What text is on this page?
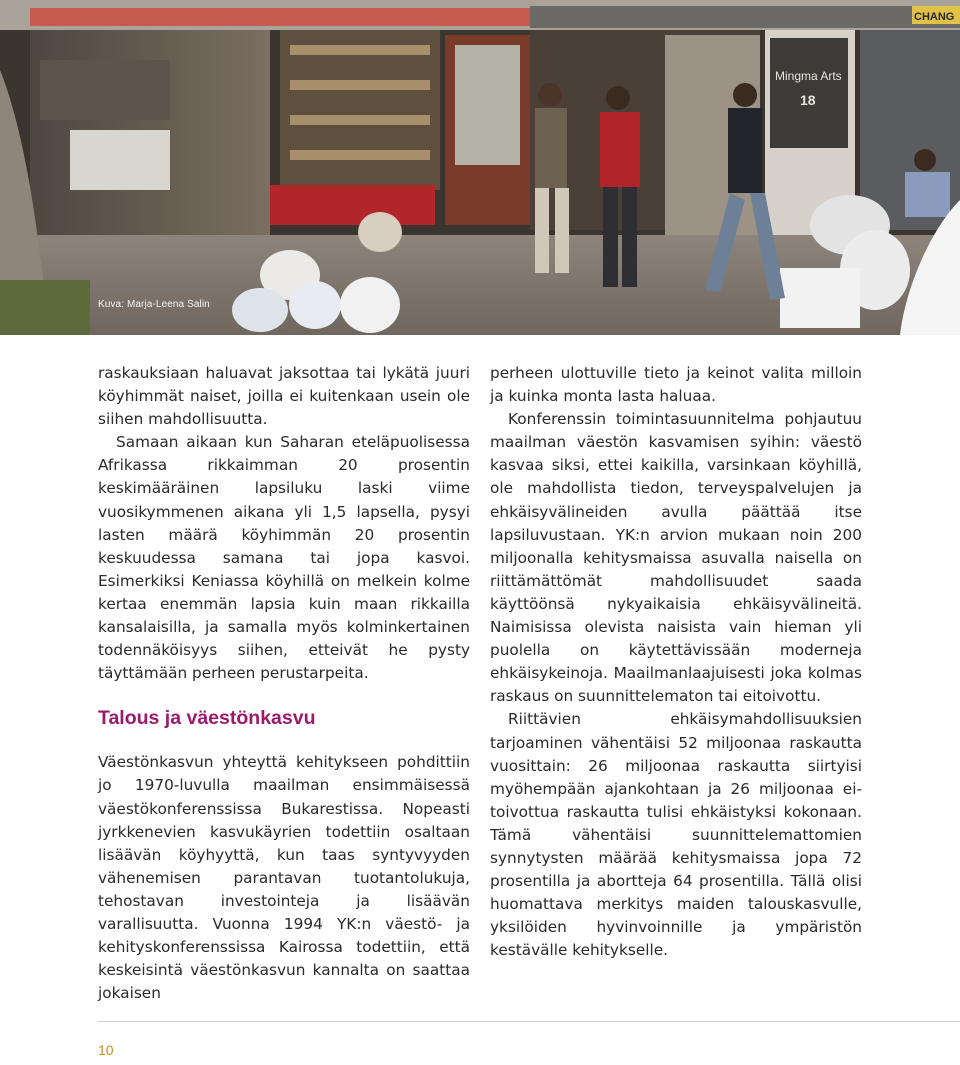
Mingma Arts
18
CHANG
Kuva: Marja-Leena Salin

raskauksiaan haluavat jaksottaa tai lykätä juuri köyhimmät naiset, joilla ei kuitenkaan usein ole siihen mahdollisuutta.

Samaan aikaan kun Saharan eteläpuolisessa Afrikassa rikkaimman 20 prosentin keskimääräinen lapsiluku laski viime vuosikymmenen aikana yli 1,5 lapsella, pysyi lasten määrä köyhimmän 20 prosentin keskuudessa samana tai jopa kasvoi. Esimerkiksi Keniassa köyhillä on melkein kolme kertaa enemmän lapsia kuin maan rikkailla kansalaisilla, ja samalla myös kolminkertainen todennäköisyys siihen, etteivät he pysty täyttämään perheen perustarpeita.

Talous ja väestönkasvu

Väestönkasvun yhteyttä kehitykseen pohdittiin jo 1970-luvulla maailman ensimmäisessä väestökonferenssissa Bukarestissa. Nopeasti jyrkkenevien kasvukäyrien todettiin osaltaan lisäävän köyhyyttä, kun taas syntyvyyden vähenemisen parantavan tuotantolukuja, tehostavan investointeja ja lisäävän varallisuutta. Vuonna 1994 YK:n väestö- ja kehityskonferenssissa Kairossa todettiin, että keskeisintä väestönkasvun kannalta on saattaa jokaisen

perheen ulottuville tieto ja keinot valita milloin ja kuinka monta lasta haluaa.

Konferenssin toimintasuunnitelma pohjautuu maailman väestön kasvamisen syihin: väestö kasvaa siksi, ettei kaikilla, varsinkaan köyhillä, ole mahdollista tiedon, terveyspalvelujen ja ehkäisyvälineiden avulla päättää itse lapsiluvustaan. YK:n arvion mukaan noin 200 miljoonalla kehitysmaissa asuvalla naisella on riittämättömät mahdollisuudet saada käyttöönsä nykyaikaisia ehkäisyvälineitä. Naimisissa olevista naisista vain hieman yli puolella on käytettävissään moderneja ehkäisykeinoja. Maailmanlaajuisesti joka kolmas raskaus on suunnittelematon tai eitoivottu.

Riittävien ehkäisymahdollisuuksien tarjoaminen vähentäisi 52 miljoonaa raskautta vuosittain: 26 miljoonaa raskautta siirtyisi myöhempään ajankohtaan ja 26 miljoonaa ei-toivottua raskautta tulisi ehkäistyksi kokonaan. Tämä vähentäisi suunnittelemattomien synnytysten määrää kehitysmaissa jopa 72 prosentilla ja abortteja 64 prosentilla. Tällä olisi huomattava merkitys maiden talouskasvulle, yksilöiden hyvinvoinnille ja ympäristön kestävälle kehitykselle.

10
